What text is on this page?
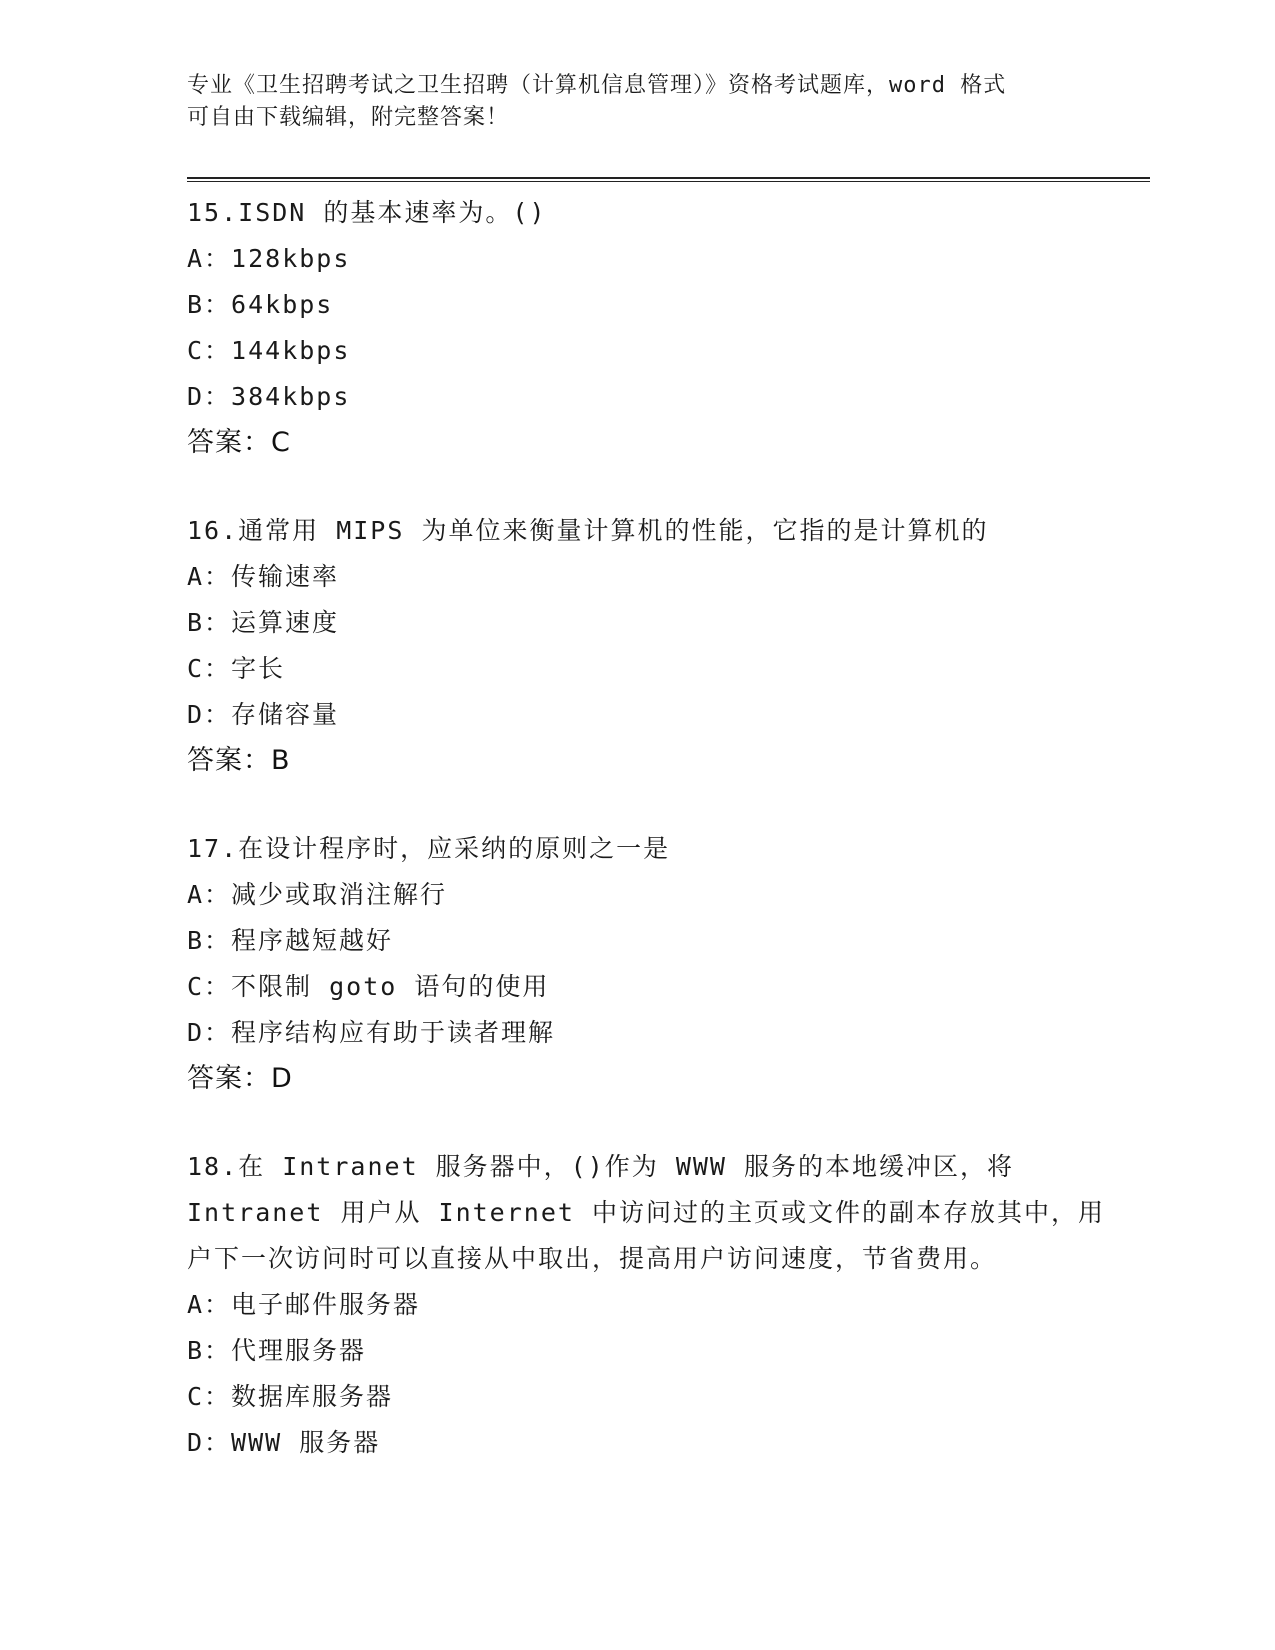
专业《卫生招聘考试之卫生招聘（计算机信息管理）》资格考试题库，word 格式
可自由下载编辑，附完整答案！
15.ISDN 的基本速率为。()
A：128kbps
B：64kbps
C：144kbps
D：384kbps
答案：C
16.通常用 MIPS 为单位来衡量计算机的性能，它指的是计算机的
A：传输速率
B：运算速度
C：字长
D：存储容量
答案：B
17.在设计程序时，应采纳的原则之一是
A：减少或取消注解行
B：程序越短越好
C：不限制 goto 语句的使用
D：程序结构应有助于读者理解
答案：D
18.在 Intranet 服务器中，()作为 WWW 服务的本地缓冲区，将
Intranet 用户从 Internet 中访问过的主页或文件的副本存放其中，用
户下一次访问时可以直接从中取出，提高用户访问速度，节省费用。
A：电子邮件服务器
B：代理服务器
C：数据库服务器
D：WWW 服务器
